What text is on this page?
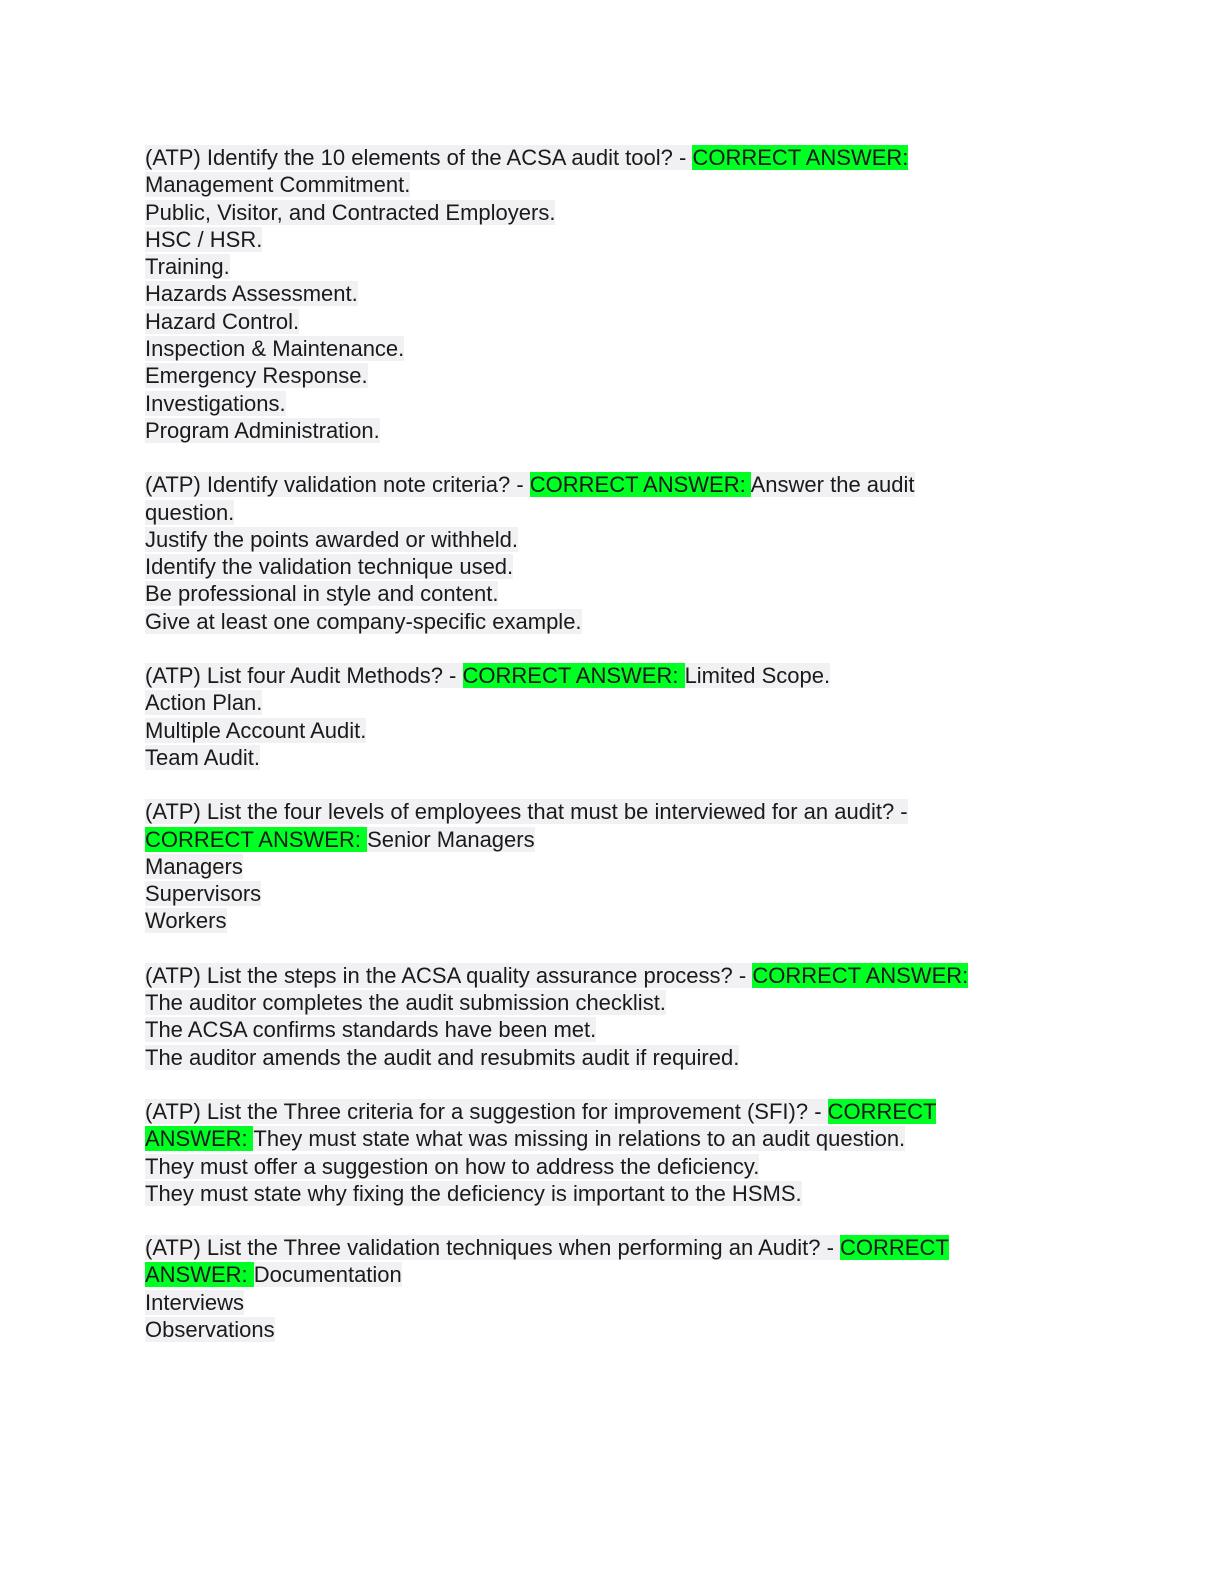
(ATP) Identify the 10 elements of the ACSA audit tool? - CORRECT ANSWER:
Management Commitment.
Public, Visitor, and Contracted Employers.
HSC / HSR.
Training.
Hazards Assessment.
Hazard Control.
Inspection & Maintenance.
Emergency Response.
Investigations.
Program Administration.
(ATP) Identify validation note criteria? - CORRECT ANSWER: Answer the audit
question.
Justify the points awarded or withheld.
Identify the validation technique used.
Be professional in style and content.
Give at least one company-specific example.
(ATP) List four Audit Methods? - CORRECT ANSWER: Limited Scope.
Action Plan.
Multiple Account Audit.
Team Audit.
(ATP) List the four levels of employees that must be interviewed for an audit? -
CORRECT ANSWER: Senior Managers
Managers
Supervisors
Workers
(ATP) List the steps in the ACSA quality assurance process? - CORRECT ANSWER:
The auditor completes the audit submission checklist.
The ACSA confirms standards have been met.
The auditor amends the audit and resubmits audit if required.
(ATP) List the Three criteria for a suggestion for improvement (SFI)? - CORRECT
ANSWER: They must state what was missing in relations to an audit question.
They must offer a suggestion on how to address the deficiency.
They must state why fixing the deficiency is important to the HSMS.
(ATP) List the Three validation techniques when performing an Audit? - CORRECT
ANSWER: Documentation
Interviews
Observations
